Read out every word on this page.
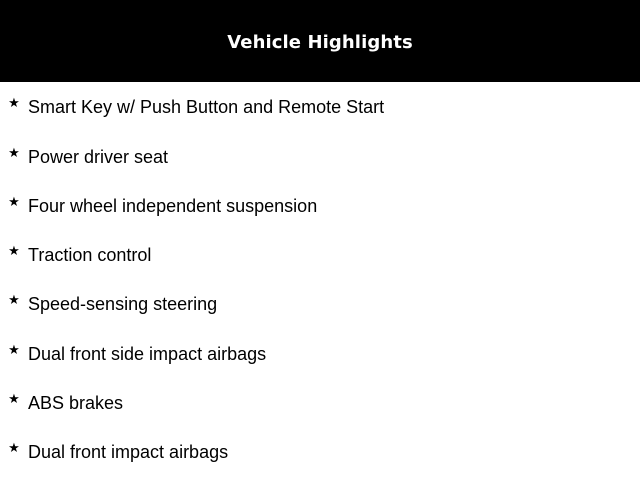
Vehicle Highlights
★ Smart Key w/ Push Button and Remote Start
★ Power driver seat
★ Four wheel independent suspension
★ Traction control
★ Speed-sensing steering
★ Dual front side impact airbags
★ ABS brakes
★ Dual front impact airbags
